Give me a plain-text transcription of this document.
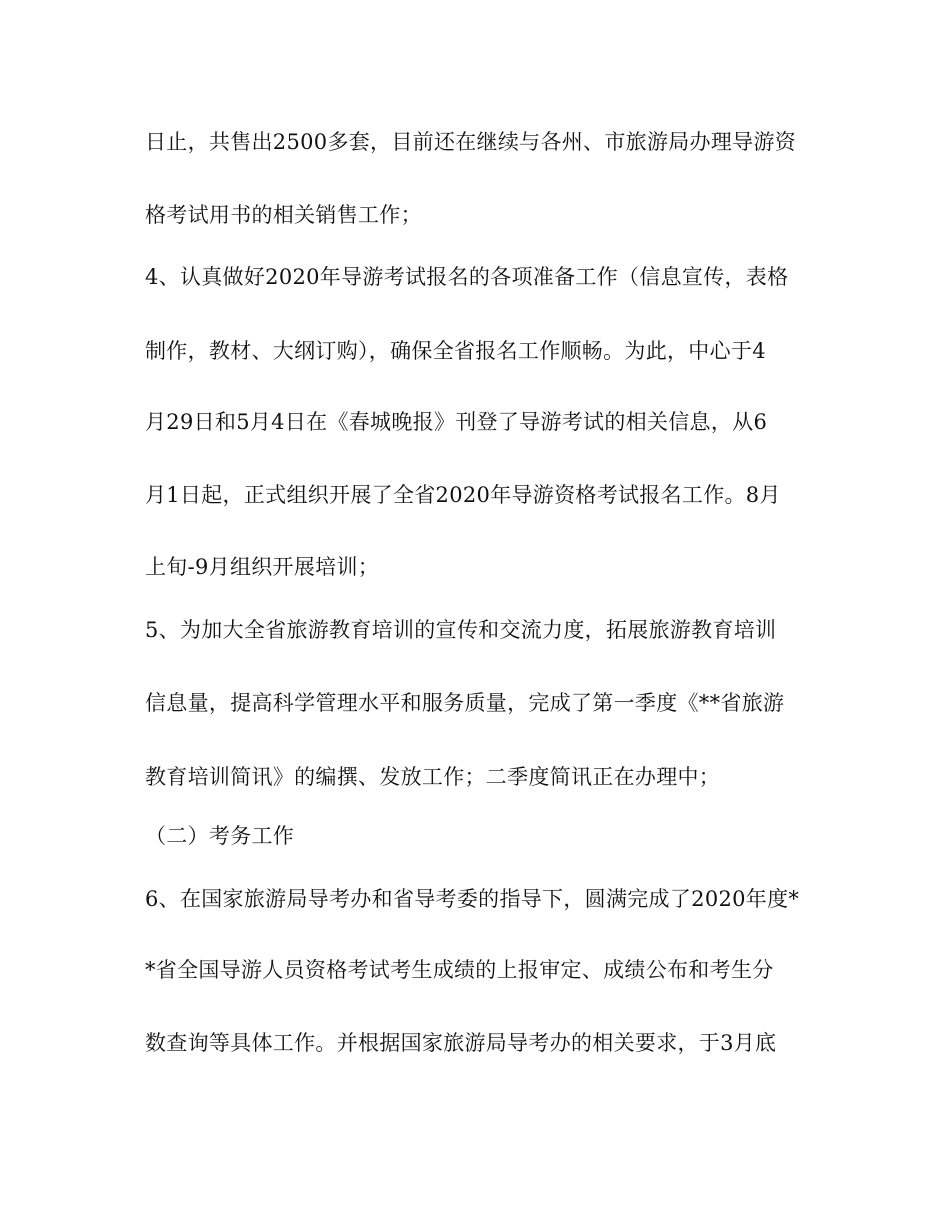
日止，共售出2500多套，目前还在继续与各州、市旅游局办理导游资
格考试用书的相关销售工作；
4、认真做好2020年导游考试报名的各项准备工作（信息宣传，表格
制作，教材、大纲订购），确保全省报名工作顺畅。为此，中心于4
月29日和5月4日在《春城晚报》刊登了导游考试的相关信息，从6
月1日起，正式组织开展了全省2020年导游资格考试报名工作。8月
上旬-9月组织开展培训；
5、为加大全省旅游教育培训的宣传和交流力度，拓展旅游教育培训
信息量，提高科学管理水平和服务质量，完成了第一季度《**省旅游
教育培训简讯》的编撰、发放工作；二季度简讯正在办理中；
（二）考务工作
6、在国家旅游局导考办和省导考委的指导下，圆满完成了2020年度*
*省全国导游人员资格考试考生成绩的上报审定、成绩公布和考生分
数查询等具体工作。并根据国家旅游局导考办的相关要求，于3月底
